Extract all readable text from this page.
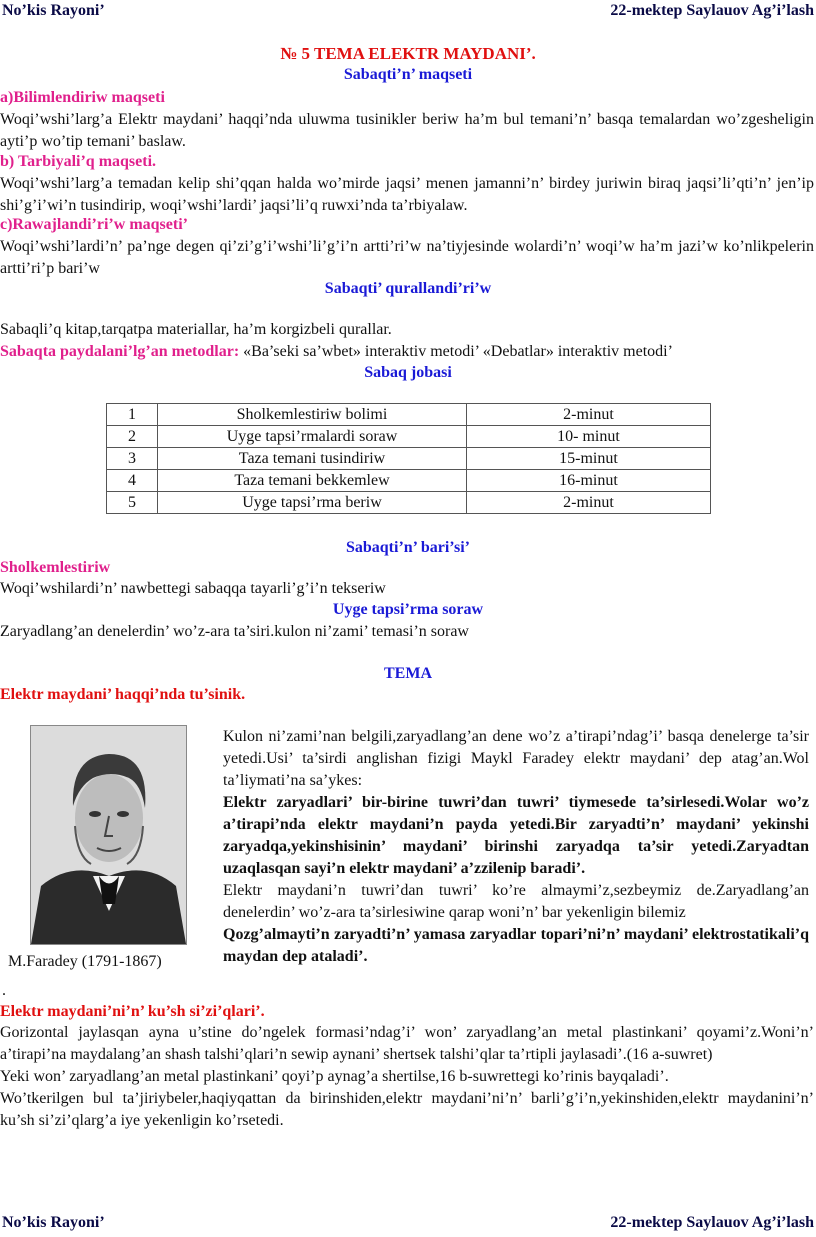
No’kis Rayoni’	22-mektep Saylauov Ag’i’lash
№ 5 TEMA ELEKTR MAYDANI’.
Sabaqti’n’ maqseti
a)Bilimlendiriw maqseti
Woqi’wshi’larg’a Elektr maydani’ haqqi’nda uluwma tusinikler beriw ha’m bul temani’n’ basqa temalardan wo’zgesheligin ayti’p wo’tip temani’ baslaw.
b) Tarbiyali’q maqseti.
Woqi’wshi’larg’a temadan kelip shi’qqan halda wo’mirde jaqsi’ menen jamanni’n’ birdey juriwin biraq jaqsi’li’qti’n’ jen’ip shi’g’i’wi’n tusindirip, woqi’wshi’lardi’ jaqsi’li’q ruwxi’nda ta’rbiyalaw.
c)Rawajlandi’ri’w maqseti’
Woqi’wshi’lardi’n’ pa’nge degen qi’zi’g’i’wshi’li’g’i’n artti’ri’w na’tiyjesinde wolardi’n’ woqi’w ha’m jazi’w ko’nlikpelerin artti’ri’p bari’w
Sabaqti’ qurallandi’ri’w
Sabaqli’q kitap,tarqatpa materiallar, ha’m korgizbeli qurallar.
Sabaqta paydalani’lg’an metodlar: «Ba’seki sa’wbet» interaktiv metodi’ «Debatlar» interaktiv metodi’
Sabaq jobasi
1	Sholkemlestiriw bolimi	2-minut
2	Uyge tapsi’rmalardi soraw	10- minut
3	Taza temani tusindiriw	15-minut
4	Taza temani bekkemlew	16-minut
5	Uyge tapsi’rma beriw	2-minut
Sabaqti’n’ bari’si’
Sholkemlestiriw
Woqi’wshilardi’n’ nawbettegi sabaqqa tayarli’g’i’n tekseriw
Uyge tapsi’rma soraw
Zaryadlang’an denelerdin’ wo’z-ara ta’siri.kulon ni’zami’ temasi’n soraw
TEMA
Elektr maydani’ haqqi’nda tu’sinik.
M.Faradey (1791-1867)
Kulon ni’zami’nan belgili,zaryadlang’an dene wo’z a’tirapi’ndag’i’ basqa denelerge ta’sir yetedi.Usi’ ta’sirdi anglishan fizigi Maykl Faradey elektr maydani’ dep atag’an.Wol ta’liymati’na sa’ykes:
Elektr zaryadlari’ bir-birine tuwri’dan tuwri’ tiymesede ta’sirlesedi.Wolar wo’z a’tirapi’nda elektr maydani’n payda yetedi.Bir zaryadti’n’ maydani’ yekinshi zaryadqa,yekinshisinin’ maydani’ birinshi zaryadqa ta’sir yetedi.Zaryadtan uzaqlasqan sayi’n elektr maydani’ a’zzilenip baradi’.
Elektr maydani’n tuwri’dan tuwri’ ko’re almaymi’z,sezbeymiz de.Zaryadlang’an denelerdin’ wo’z-ara ta’sirlesiwine qarap woni’n’ bar yekenligin bilemiz
Qozg’almayti’n zaryadti’n’ yamasa zaryadlar topari’ni’n’ maydani’ elektrostatikali’q maydan dep ataladi’.
.
Elektr maydani’ni’n’ ku’sh si’zi’qlari’.
Gorizontal jaylasqan ayna u’stine do’ngelek formasi’ndag’i’ won’ zaryadlang’an metal plastinkani’ qoyami’z.Woni’n’ a’tirapi’na maydalang’an shash talshi’qlari’n sewip aynani’ shertsek talshi’qlar ta’rtipli jaylasadi’.(16 a-suwret)
Yeki won’ zaryadlang’an metal plastinkani’ qoyi’p aynag’a shertilse,16 b-suwrettegi ko’rinis bayqaladi’.
Wo’tkerilgen bul ta’jiriybeler,haqiyqattan da birinshiden,elektr maydani’ni’n’ barli’g’i’n,yekinshiden,elektr maydanini’n’ ku’sh si’zi’qlarg’a iye yekenligin ko’rsetedi.
No’kis Rayoni’	22-mektep Saylauov Ag’i’lash
